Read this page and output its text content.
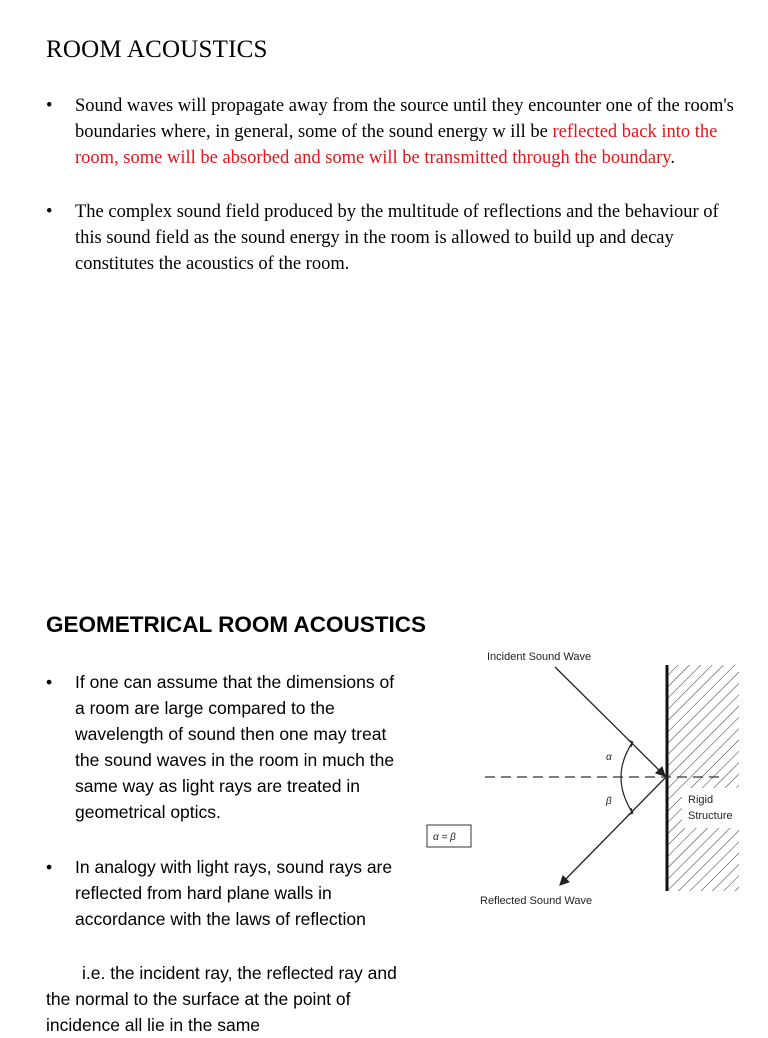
ROOM ACOUSTICS
• Sound waves will propagate away from the source until they encounter one of the room's boundaries where, in general, some of the sound energy w ill be reflected back into the room, some will be absorbed and some will be transmitted through the boundary.
• The complex sound field produced by the multitude of reflections and the behaviour of this sound field as the sound energy in the room is allowed to build up and decay constitutes the acoustics of the room.
GEOMETRICAL ROOM ACOUSTICS
• If one can assume that the dimensions of a room are large compared to the wavelength of sound then one may treat the sound waves in the room in much the same way as light rays are treated in geometrical optics.
• In analogy with light rays, sound rays are reflected from hard plane walls in accordance with the laws of reflection
i.e. the incident ray, the reflected ray and the normal to the surface at the point of incidence all lie in the same
Incident Sound Wave
Rigid
Structure
α
β
α = β
Reflected Sound Wave
